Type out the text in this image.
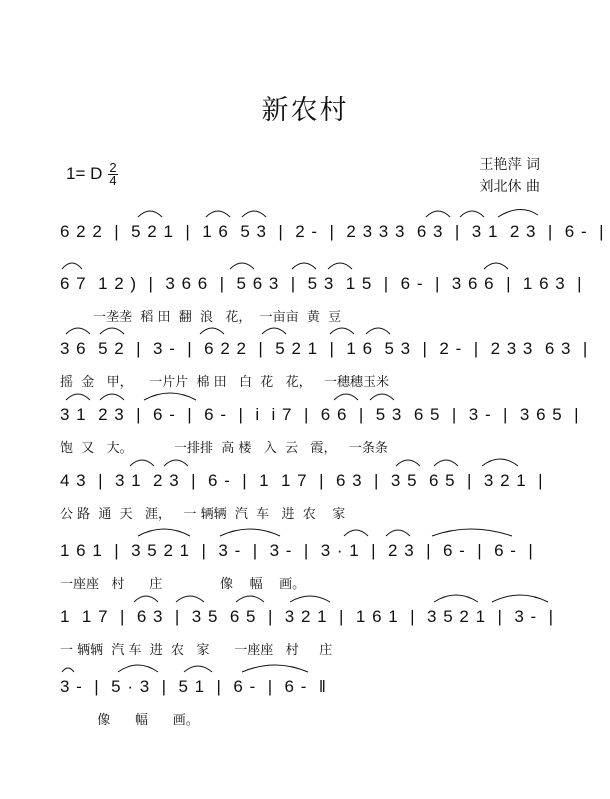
新农村
1= D $\frac{2}{4}$	王艳萍 词
刘北休 曲
6 2 2  |  5 2 1  |  1 6  5 3  |  2 -  |  2 3 3 3  6 3  |  3 1  2 3  |  6 -  |
6 7  1 2 )  |  3 6 6  |  5 6 3  |  5 3  1 5  |  6 -  |  3 6 6  |  1 6 3  |
一垄垄  稻 田  翻  浪   花，  一亩亩  黄  豆
3 6  5 2  |  3 -  |  6 2 2  |  5 2 1  |  1 6  5 3  |  2 -  |  2 3 3  6 3  |
摇  金   甲，    一片片  棉 田   白  花   花，   一穗穗玉米
3 1  2 3  |  6 -  |  6 -  |  i  i 7  |  6 6  |  5 3  6 5  |  3 -  |  3 6 5  |
饱  又   大。          一排排  高 楼   入  云   霞，   一条条
4 3  |  3 1  2 3  |  6 -  |  1  1 7  |  6 3  |  3 5  6 5  |  3 2 1  |
公 路  通  天   涯，   一 辆辆  汽  车   进  农    家
1 6 1  |  3 5 2 1  |  3 -  |  3 -  |  3 · 1  |  2 3  |  6 -  |  6 -  |
一座座   村      庄              像    幅    画。
1  1 7  |  6 3  |  3 5  6 5  |  3 2 1  |  1 6 1  |  3 5 2 1  |  3 -  |
一 辆辆  汽 车  进  农   家      一座座   村     庄
3 -  |  5 · 3  |  5 1  |  6 -  |  6 -  ‖
像      幅      画。
